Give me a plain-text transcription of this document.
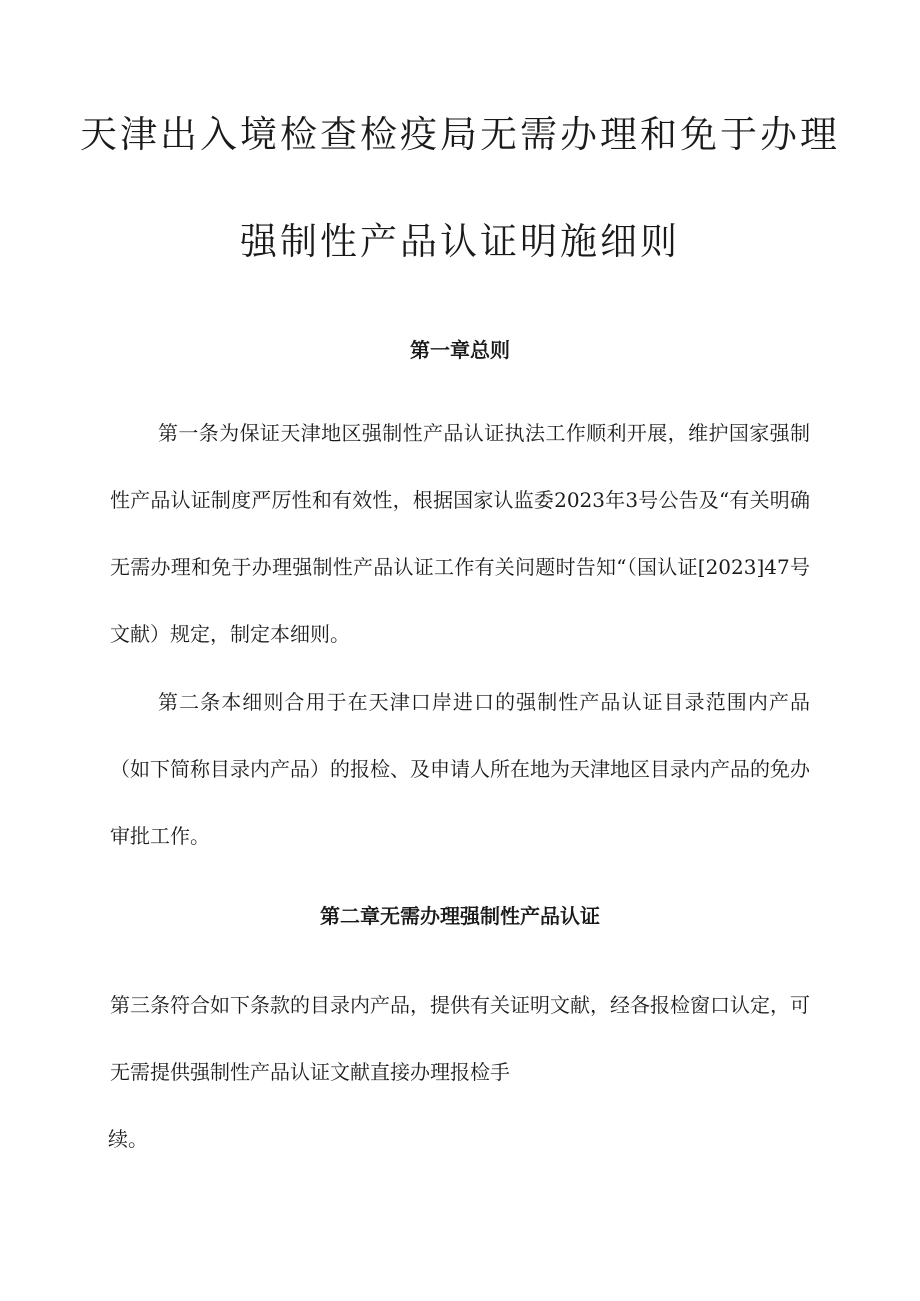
天津出入境检查检疫局无需办理和免于办理
强制性产品认证明施细则
第一章总则

第一条为保证天津地区强制性产品认证执法工作顺利开展，维护国家强制性产品认证制度严厉性和有效性，根据国家认监委2023年3号公告及“有关明确无需办理和免于办理强制性产品认证工作有关问题时告知“（国认证[2023]47号文献）规定，制定本细则。

第二条本细则合用于在天津口岸进口的强制性产品认证目录范围内产品（如下简称目录内产品）的报检、及申请人所在地为天津地区目录内产品的免办审批工作。

第二章无需办理强制性产品认证

第三条符合如下条款的目录内产品，提供有关证明文献，经各报检窗口认定，可无需提供强制性产品认证文献直接办理报检手

续。
